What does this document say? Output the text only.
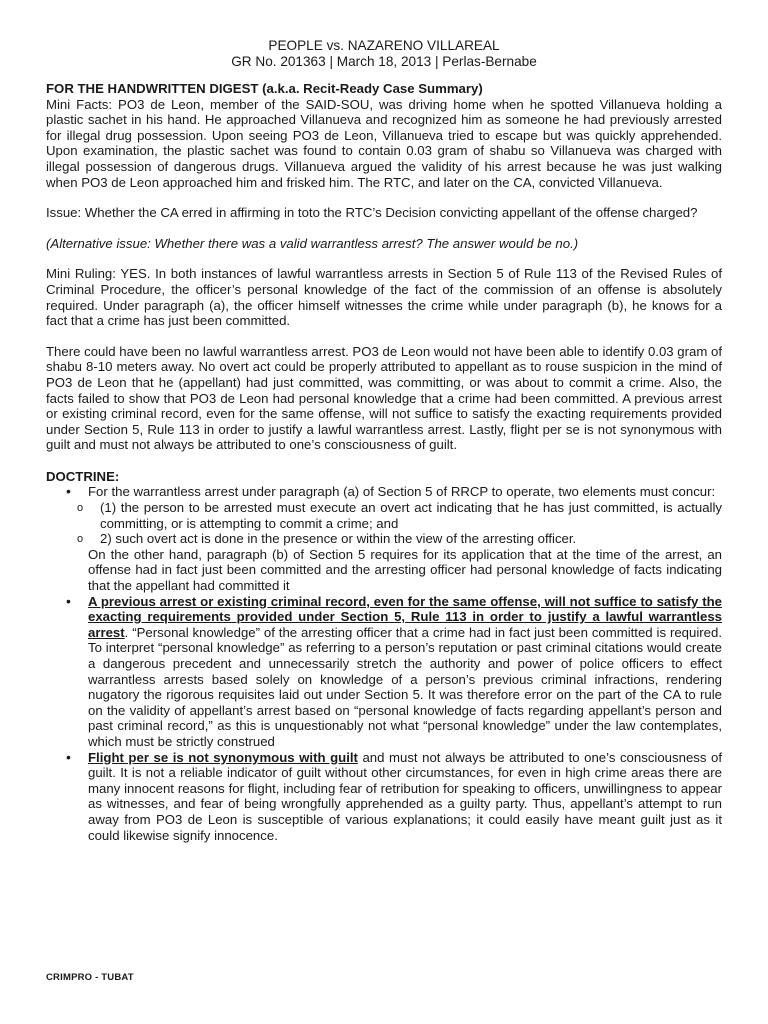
PEOPLE vs. NAZARENO VILLAREAL
GR No. 201363 | March 18, 2013 | Perlas-Bernabe
FOR THE HANDWRITTEN DIGEST (a.k.a. Recit-Ready Case Summary)

Mini Facts: PO3 de Leon, member of the SAID-SOU, was driving home when he spotted Villanueva holding a plastic sachet in his hand. He approached Villanueva and recognized him as someone he had previously arrested for illegal drug possession. Upon seeing PO3 de Leon, Villanueva tried to escape but was quickly apprehended. Upon examination, the plastic sachet was found to contain 0.03 gram of shabu so Villanueva was charged with illegal possession of dangerous drugs. Villanueva argued the validity of his arrest because he was just walking when PO3 de Leon approached him and frisked him. The RTC, and later on the CA, convicted Villanueva.

Issue: Whether the CA erred in affirming in toto the RTC’s Decision convicting appellant of the offense charged?

(Alternative issue: Whether there was a valid warrantless arrest? The answer would be no.)

Mini Ruling: YES. In both instances of lawful warrantless arrests in Section 5 of Rule 113 of the Revised Rules of Criminal Procedure, the officer’s personal knowledge of the fact of the commission of an offense is absolutely required. Under paragraph (a), the officer himself witnesses the crime while under paragraph (b), he knows for a fact that a crime has just been committed.

There could have been no lawful warrantless arrest. PO3 de Leon would not have been able to identify 0.03 gram of shabu 8-10 meters away. No overt act could be properly attributed to appellant as to rouse suspicion in the mind of PO3 de Leon that he (appellant) had just committed, was committing, or was about to commit a crime. Also, the facts failed to show that PO3 de Leon had personal knowledge that a crime had been committed. A previous arrest or existing criminal record, even for the same offense, will not suffice to satisfy the exacting requirements provided under Section 5, Rule 113 in order to justify a lawful warrantless arrest. Lastly, flight per se is not synonymous with guilt and must not always be attributed to one’s consciousness of guilt.

DOCTRINE:
• For the warrantless arrest under paragraph (a) of Section 5 of RRCP to operate, two elements must concur:
o (1) the person to be arrested must execute an overt act indicating that he has just committed, is actually committing, or is attempting to commit a crime; and
o 2) such overt act is done in the presence or within the view of the arresting officer.
On the other hand, paragraph (b) of Section 5 requires for its application that at the time of the arrest, an offense had in fact just been committed and the arresting officer had personal knowledge of facts indicating that the appellant had committed it
• A previous arrest or existing criminal record, even for the same offense, will not suffice to satisfy the exacting requirements provided under Section 5, Rule 113 in order to justify a lawful warrantless arrest. “Personal knowledge” of the arresting officer that a crime had in fact just been committed is required. To interpret “personal knowledge” as referring to a person’s reputation or past criminal citations would create a dangerous precedent and unnecessarily stretch the authority and power of police officers to effect warrantless arrests based solely on knowledge of a person’s previous criminal infractions, rendering nugatory the rigorous requisites laid out under Section 5. It was therefore error on the part of the CA to rule on the validity of appellant’s arrest based on “personal knowledge of facts regarding appellant’s person and past criminal record,” as this is unquestionably not what “personal knowledge” under the law contemplates, which must be strictly construed
• Flight per se is not synonymous with guilt and must not always be attributed to one’s consciousness of guilt. It is not a reliable indicator of guilt without other circumstances, for even in high crime areas there are many innocent reasons for flight, including fear of retribution for speaking to officers, unwillingness to appear as witnesses, and fear of being wrongfully apprehended as a guilty party. Thus, appellant’s attempt to run away from PO3 de Leon is susceptible of various explanations; it could easily have meant guilt just as it could likewise signify innocence.
CRIMPRO - TUBAT
